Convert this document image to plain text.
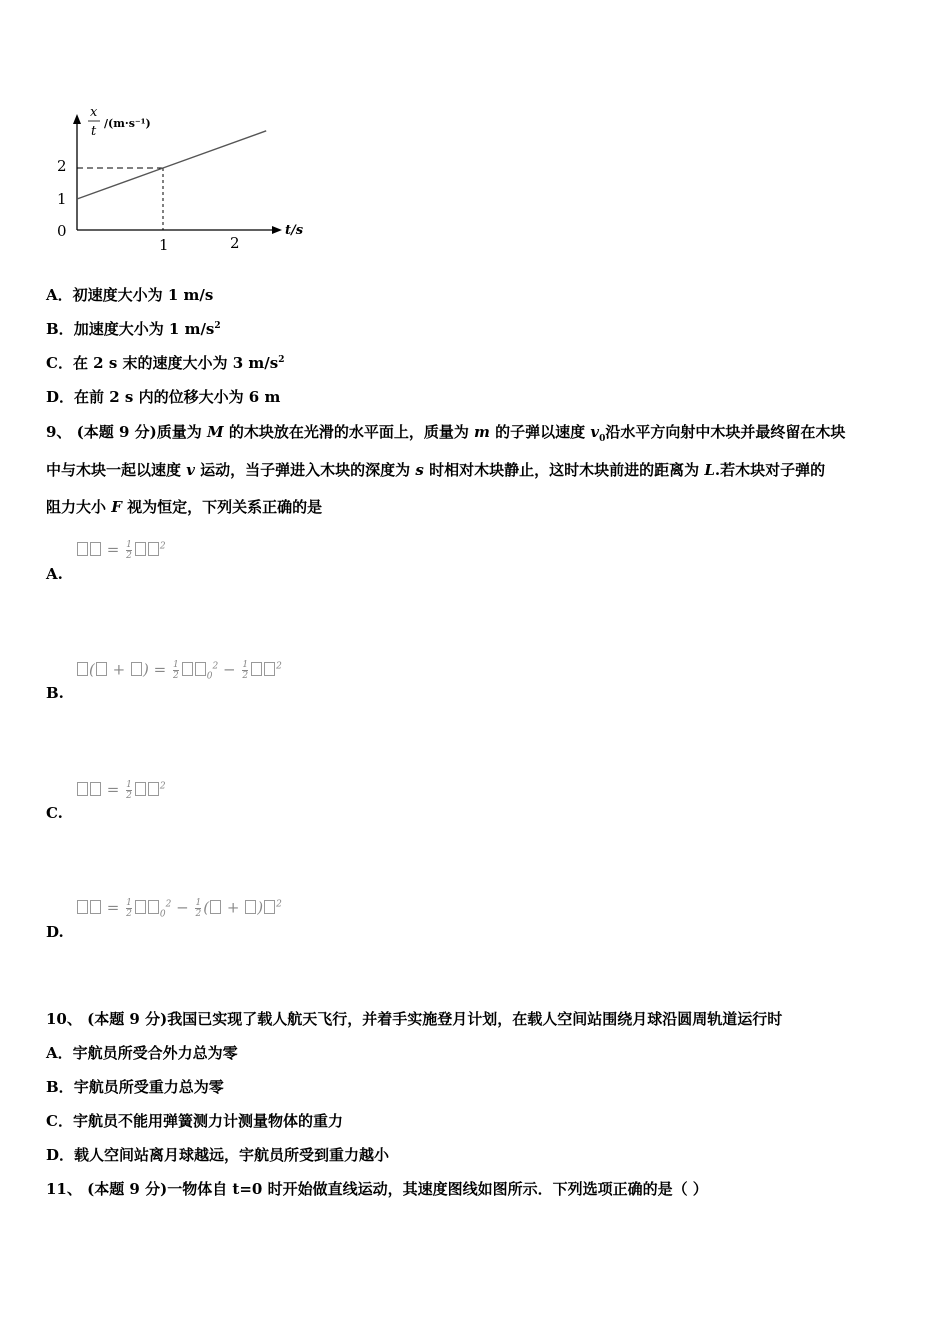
x
t
/(m·s⁻¹)
t/s
2
1
0
1	2
A．初速度大小为 1 m/s
B．加速度大小为 1 $m/s^2$
C．在 2 s 末的速度大小为 3 $m/s^2$
D．在前 2 s 内的位移大小为 6 m
9、 (本题 9 分)质量为 M 的木块放在光滑的水平面上，质量为 m 的子弹以速度 $v_0$沿水平方向射中木块并最终留在木块
中与木块一起以速度 v 运动，当子弹进入木块的深度为 s 时相对木块静止，这时木块前进的距离为 L.若木块对子弹的
阻力大小 F 视为恒定，下列关系正确的是
= $\frac{1}{2}$	$^2$
A.
( + ) = $\frac{1}{2}$	$_0^2 - \frac{1}{2}$	$^2$
B.
= $\frac{1}{2}$	$^2$
C.
= $\frac{1}{2}$	$_0^2 - \frac{1}{2}$ ( + ) $^2$
D.
10、 (本题 9 分)我国已实现了载人航天飞行，并着手实施登月计划，在载人空间站围绕月球沿圆周轨道运行时
A．宇航员所受合外力总为零
B．宇航员所受重力总为零
C．宇航员不能用弹簧测力计测量物体的重力
D．载人空间站离月球越远，宇航员所受到重力越小
11、 (本题 9 分)一物体自 t=0 时开始做直线运动，其速度图线如图所示．下列选项正确的是（ ）
